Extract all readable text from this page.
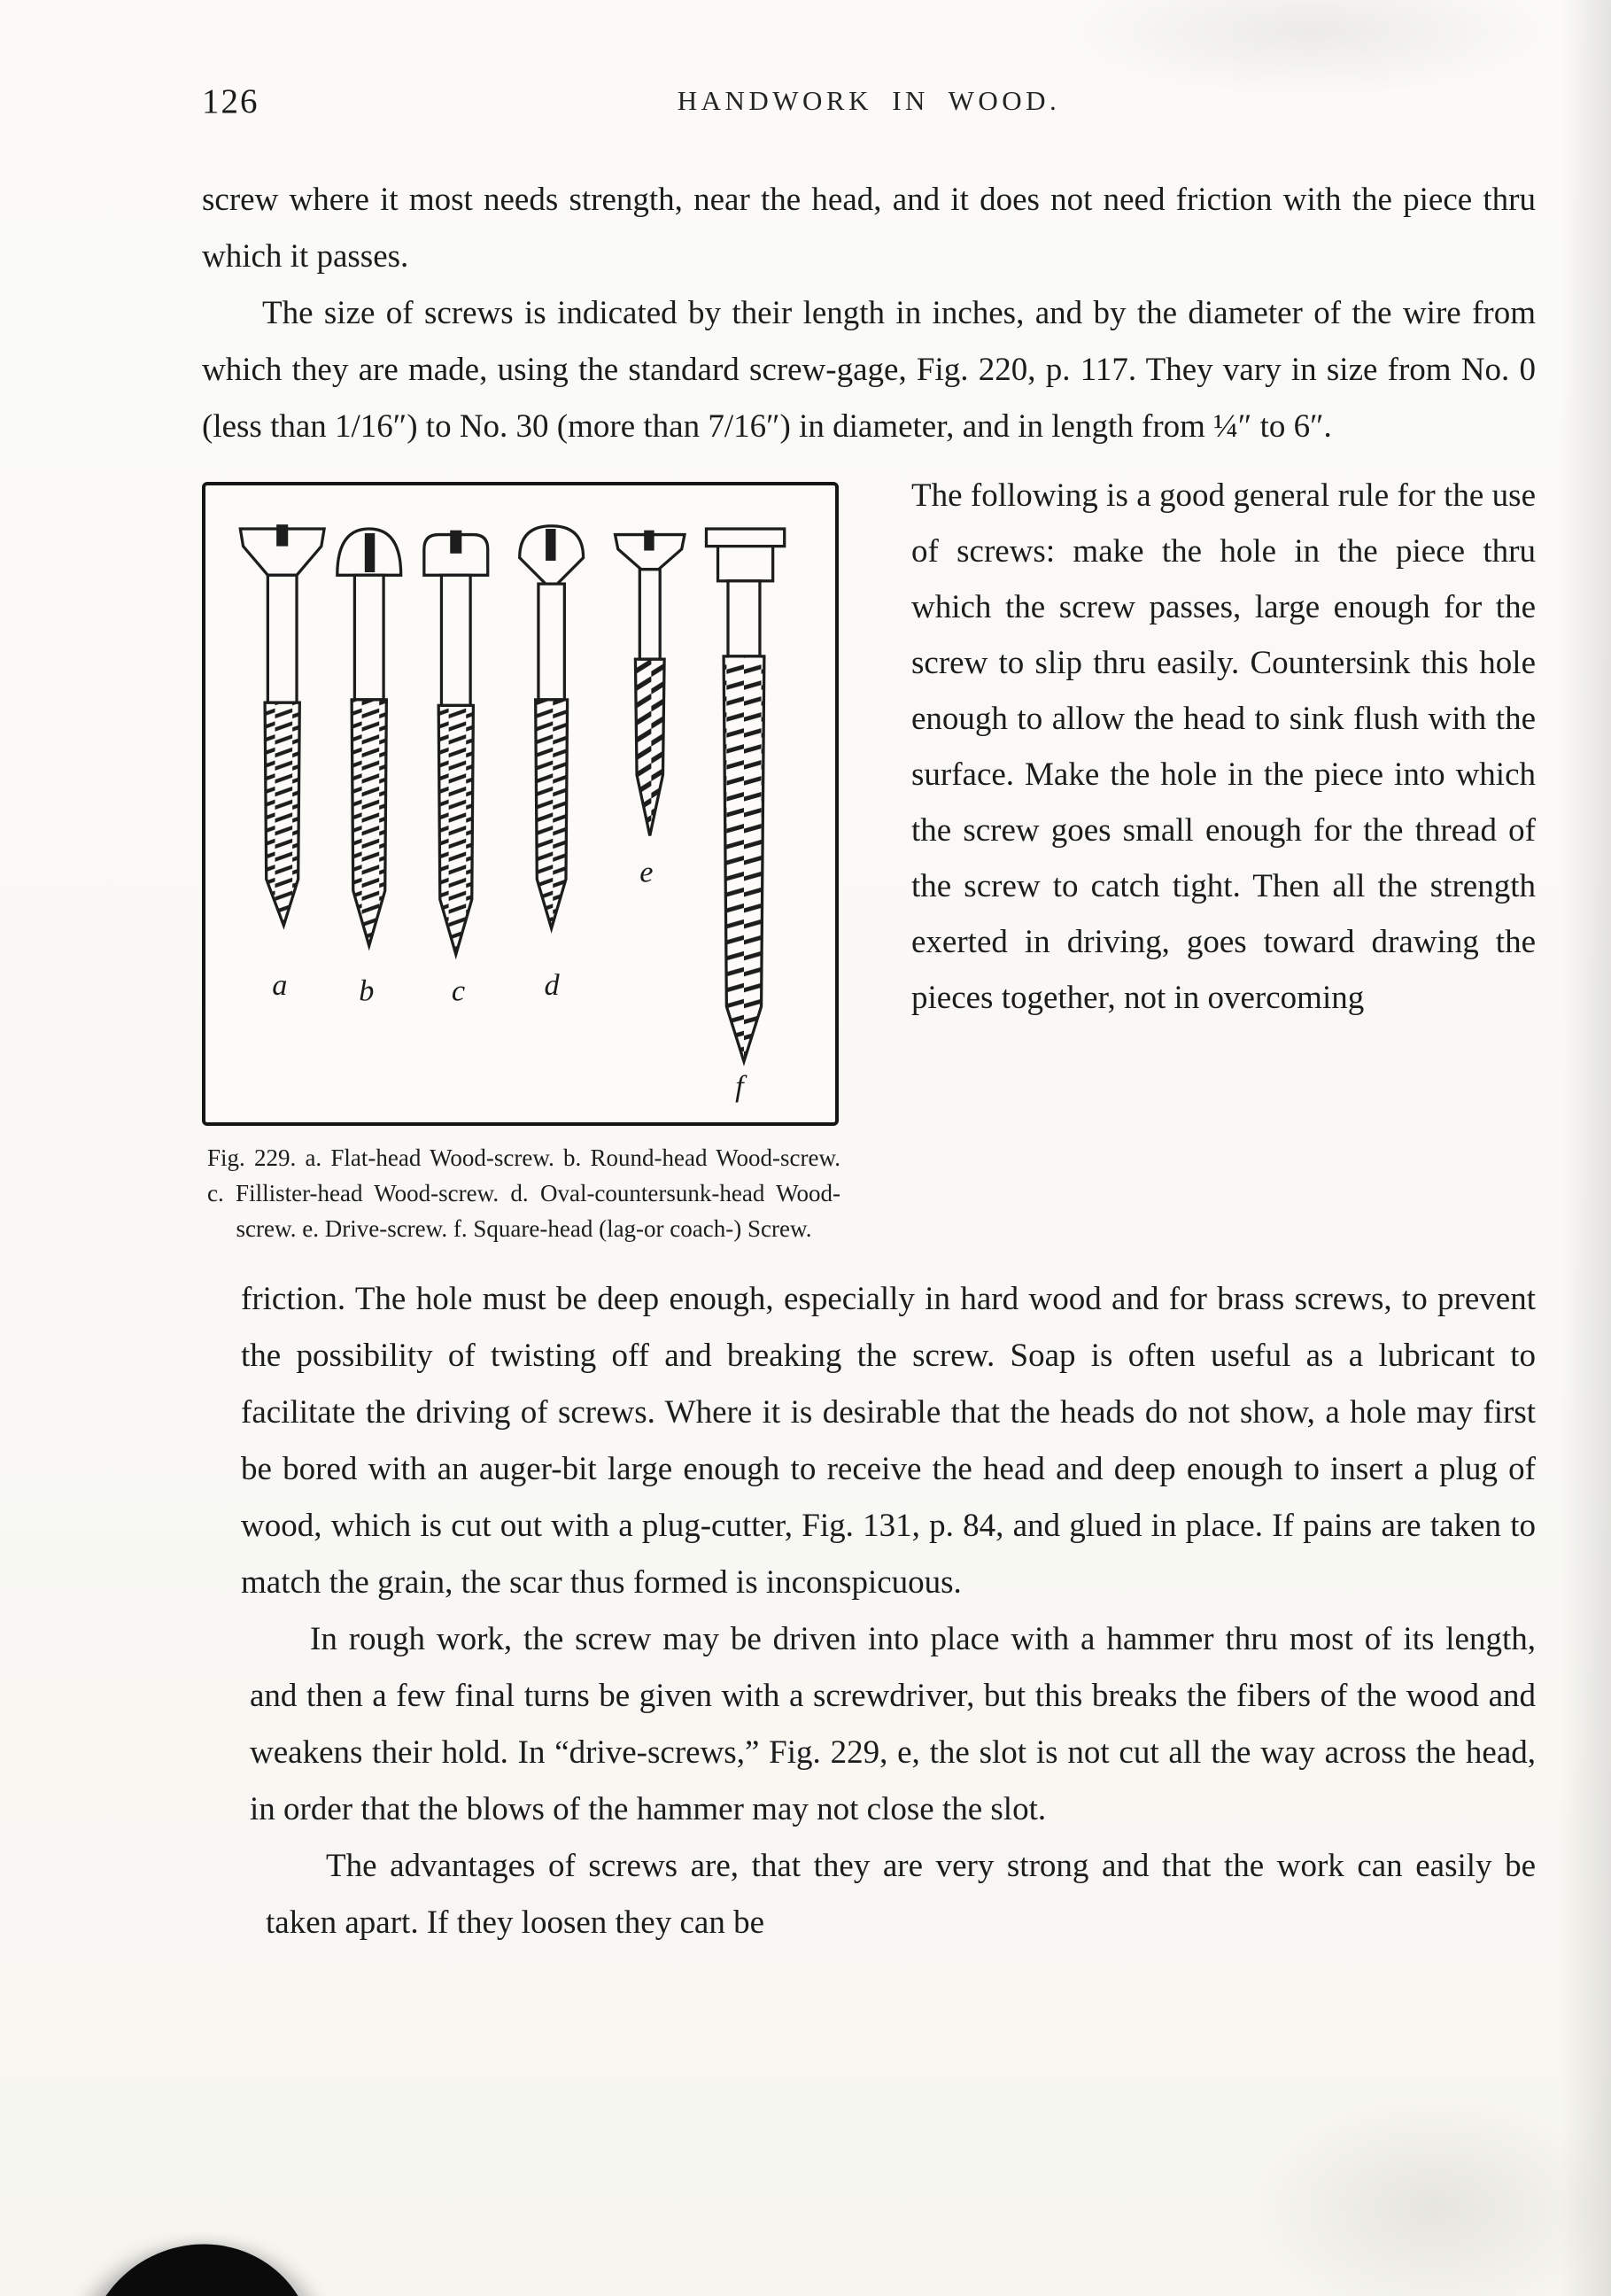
126	HANDWORK IN WOOD.

screw where it most needs strength, near the head, and it does not need friction with the piece thru which it passes.

The size of screws is indicated by their length in inches, and by the diameter of the wire from which they are made, using the standard screw-gage, Fig. 220, p. 117. They vary in size from No. 0 (less than 1/16″) to No. 30 (more than 7/16″) in diameter, and in length from ¼″ to 6″.

a	b	c	d
e
f
Fig. 229. a. Flat-head Wood-screw. b. Round-head Wood-screw. c. Fillister-head Wood-screw. d. Oval-countersunk-head Wood-screw. e. Drive-screw. f. Square-head (lag-or coach-) Screw.

The following is a good general rule for the use of screws: make the hole in the piece thru which the screw passes, large enough for the screw to slip thru easily. Countersink this hole enough to allow the head to sink flush with the surface. Make the hole in the piece into which the screw goes small enough for the thread of the screw to catch tight. Then all the strength exerted in driving, goes toward drawing the pieces together, not in overcoming

friction. The hole must be deep enough, especially in hard wood and for brass screws, to prevent the possibility of twisting off and breaking the screw. Soap is often useful as a lubricant to facilitate the driving of screws. Where it is desirable that the heads do not show, a hole may first be bored with an auger-bit large enough to receive the head and deep enough to insert a plug of wood, which is cut out with a plug-cutter, Fig. 131, p. 84, and glued in place. If pains are taken to match the grain, the scar thus formed is inconspicuous.

In rough work, the screw may be driven into place with a hammer thru most of its length, and then a few final turns be given with a screwdriver, but this breaks the fibers of the wood and weakens their hold. In “drive-screws,” Fig. 229, e, the slot is not cut all the way across the head, in order that the blows of the hammer may not close the slot.

The advantages of screws are, that they are very strong and that the work can easily be taken apart. If they loosen they can be
